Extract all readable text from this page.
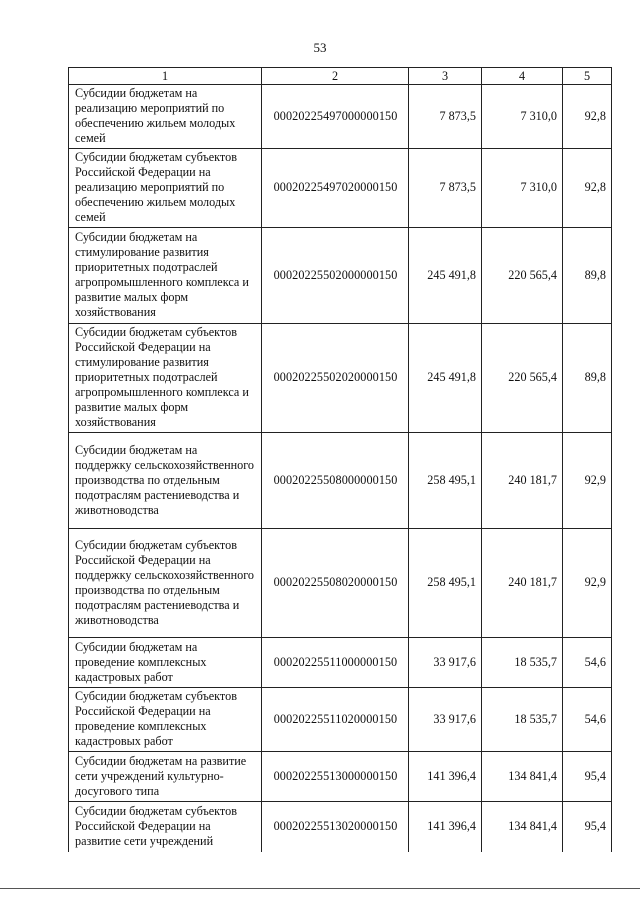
53
1	2	3	4	5
Субсидии бюджетам на реализацию мероприятий по обеспечению жильем молодых семей	00020225497000000150	7 873,5	7 310,0	92,8
Субсидии бюджетам субъектов Российской Федерации на реализацию мероприятий по обеспечению жильем молодых семей	00020225497020000150	7 873,5	7 310,0	92,8
Субсидии бюджетам на стимулирование развития приоритетных подотраслей агропромышленного комплекса и развитие малых форм хозяйствования	00020225502000000150	245 491,8	220 565,4	89,8
Субсидии бюджетам субъектов Российской Федерации на стимулирование развития приоритетных подотраслей агропромышленного комплекса и развитие малых форм хозяйствования	00020225502020000150	245 491,8	220 565,4	89,8
Субсидии бюджетам на поддержку сельскохозяйственного производства по отдельным подотраслям растениеводства и животноводства	00020225508000000150	258 495,1	240 181,7	92,9
Субсидии бюджетам субъектов Российской Федерации на поддержку сельскохозяйственного производства по отдельным подотраслям растениеводства и животноводства	00020225508020000150	258 495,1	240 181,7	92,9
Субсидии бюджетам на проведение комплексных кадастровых работ	00020225511000000150	33 917,6	18 535,7	54,6
Субсидии бюджетам субъектов Российской Федерации на проведение комплексных кадастровых работ	00020225511020000150	33 917,6	18 535,7	54,6
Субсидии бюджетам на развитие сети учреждений культурно-досугового типа	00020225513000000150	141 396,4	134 841,4	95,4
Субсидии бюджетам субъектов Российской Федерации на развитие сети учреждений	00020225513020000150	141 396,4	134 841,4	95,4
